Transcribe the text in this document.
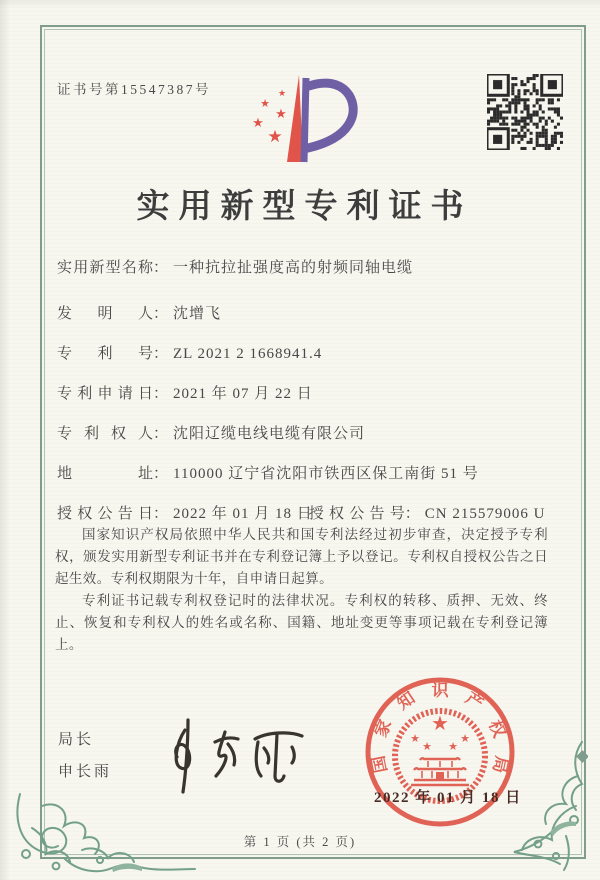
证书号第15547387号	★
★
★
★
★
实用新型专利证书
实用新型名称： 一种抗拉扯强度高的射频同轴电缆
发明人： 沈增飞
专利号： ZL 2021 2 1668941.4
专利申请日： 2021 年 07 月 22 日
专利权人： 沈阳辽缆电线电缆有限公司
地址： 110000 辽宁省沈阳市铁西区保工南街 51 号
授权公告日： 2022 年 01 月 18 日 授权公告号： CN 215579006 U

国家知识产权局依照中华人民共和国专利法经过初步审查，决定授予专利权，颁发实用新型专利证书并在专利登记簿上予以登记。专利权自授权公告之日起生效。专利权期限为十年，自申请日起算。

专利证书记载专利权登记时的法律状况。专利权的转移、质押、无效、终止、恢复和专利权人的姓名或名称、国籍、地址变更等事项记载在专利登记簿上。

局长
申长雨	国家知识产权局
★
★
★ ★
★
2022 年 01 月 18 日
第 1 页 (共 2 页)
